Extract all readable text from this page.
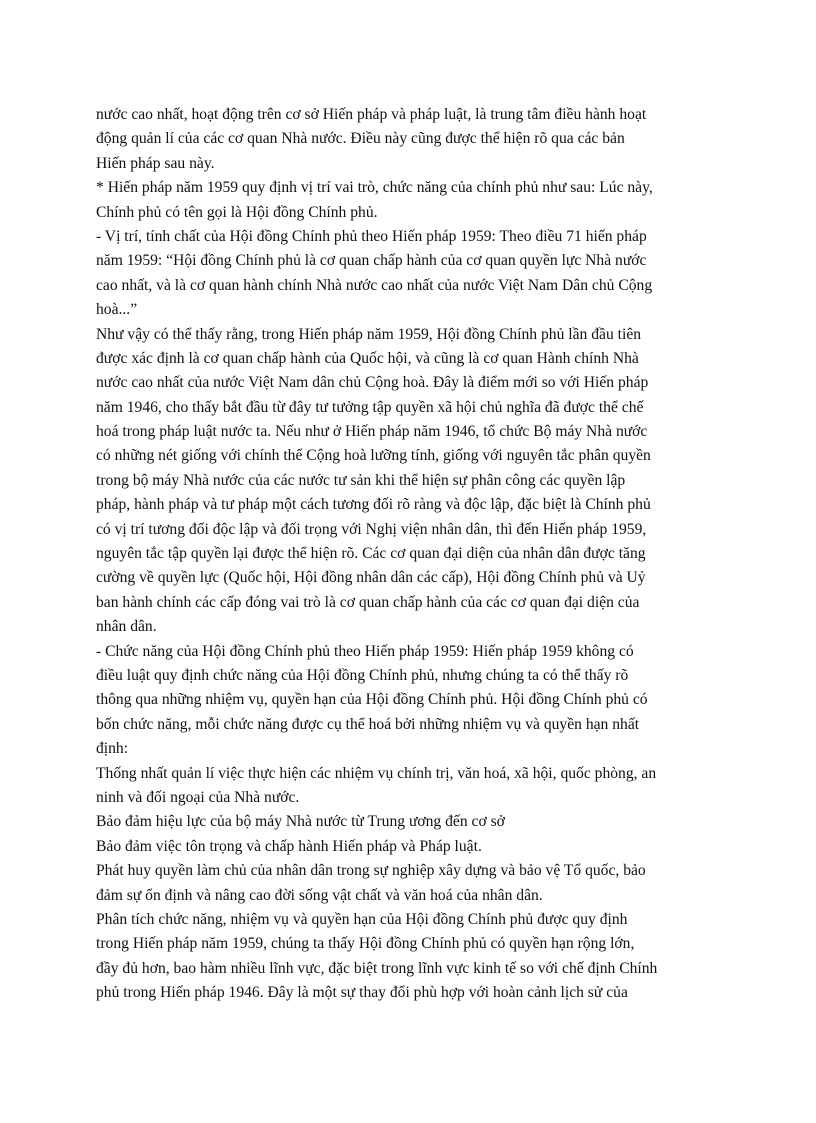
nước cao nhất, hoạt động trên cơ sở Hiến pháp và pháp luật, là trung tâm điều hành hoạt
động quản lí của các cơ quan Nhà nước. Điều này cũng được thể hiện rõ qua các bản
Hiến pháp sau này.
* Hiến pháp năm 1959 quy định vị trí vai trò, chức năng của chính phủ như sau: Lúc này,
Chính phủ có tên gọi là Hội đồng Chính phủ.
- Vị trí, tính chất của Hội đồng Chính phủ theo Hiến pháp 1959: Theo điều 71 hiến pháp
năm 1959: “Hội đồng Chính phủ là cơ quan chấp hành của cơ quan quyền lực Nhà nước
cao nhất, và là cơ quan hành chính Nhà nước cao nhất của nước Việt Nam Dân chủ Cộng
hoà...”
Như vậy có thể thấy rằng, trong Hiến pháp năm 1959, Hội đồng Chính phủ lần đầu tiên
được xác định là cơ quan chấp hành của Quốc hội, và cũng là cơ quan Hành chính Nhà
nước cao nhất của nước Việt Nam dân chủ Cộng hoà. Đây là điểm mới so với Hiến pháp
năm 1946, cho thấy bắt đầu từ đây tư tưởng tập quyền xã hội chủ nghĩa đã được thể chế
hoá trong pháp luật nước ta. Nếu như ở Hiến pháp năm 1946, tổ chức Bộ máy Nhà nước
có những nét giống với chính thể Cộng hoà lưỡng tính, giống với nguyên tắc phân quyền
trong bộ máy Nhà nước của các nước tư sản khi thể hiện sự phân công các quyền lập
pháp, hành pháp và tư pháp một cách tương đối rõ ràng và độc lập, đặc biệt là Chính phủ
có vị trí tương đối độc lập và đối trọng với Nghị viện nhân dân, thì đến Hiến pháp 1959,
nguyên tắc tập quyền lại được thể hiện rõ. Các cơ quan đại diện của nhân dân được tăng
cường về quyền lực (Quốc hội, Hội đồng nhân dân các cấp), Hội đồng Chính phủ và Uỷ
ban hành chính các cấp đóng vai trò là cơ quan chấp hành của các cơ quan đại diện của
nhân dân.
- Chức năng của Hội đồng Chính phủ theo Hiến pháp 1959: Hiến pháp 1959 không có
điều luật quy định chức năng của Hội đồng Chính phủ, nhưng chúng ta có thể thấy rõ
thông qua những nhiệm vụ, quyền hạn của Hội đồng Chính phủ. Hội đồng Chính phủ có
bốn chức năng, mỗi chức năng được cụ thể hoá bởi những nhiệm vụ và quyền hạn nhất
định:
Thống nhất quản lí việc thực hiện các nhiệm vụ chính trị, văn hoá, xã hội, quốc phòng, an
ninh và đối ngoại của Nhà nước.
Bảo đảm hiệu lực của bộ máy Nhà nước từ Trung ương đến cơ sở
Bảo đảm việc tôn trọng và chấp hành Hiến pháp và Pháp luật.
Phát huy quyền làm chủ của nhân dân trong sự nghiệp xây dựng và bảo vệ Tổ quốc, bảo
đảm sự ổn định và nâng cao đời sống vật chất và văn hoá của nhân dân.
Phân tích chức năng, nhiệm vụ và quyền hạn của Hội đồng Chính phủ được quy định
trong Hiến pháp năm 1959, chúng ta thấy Hội đồng Chính phủ có quyền hạn rộng lớn,
đầy đủ hơn, bao hàm nhiều lĩnh vực, đặc biệt trong lĩnh vực kinh tế so với chế định Chính
phủ trong Hiến pháp 1946. Đây là một sự thay đổi phù hợp với hoàn cảnh lịch sử của
